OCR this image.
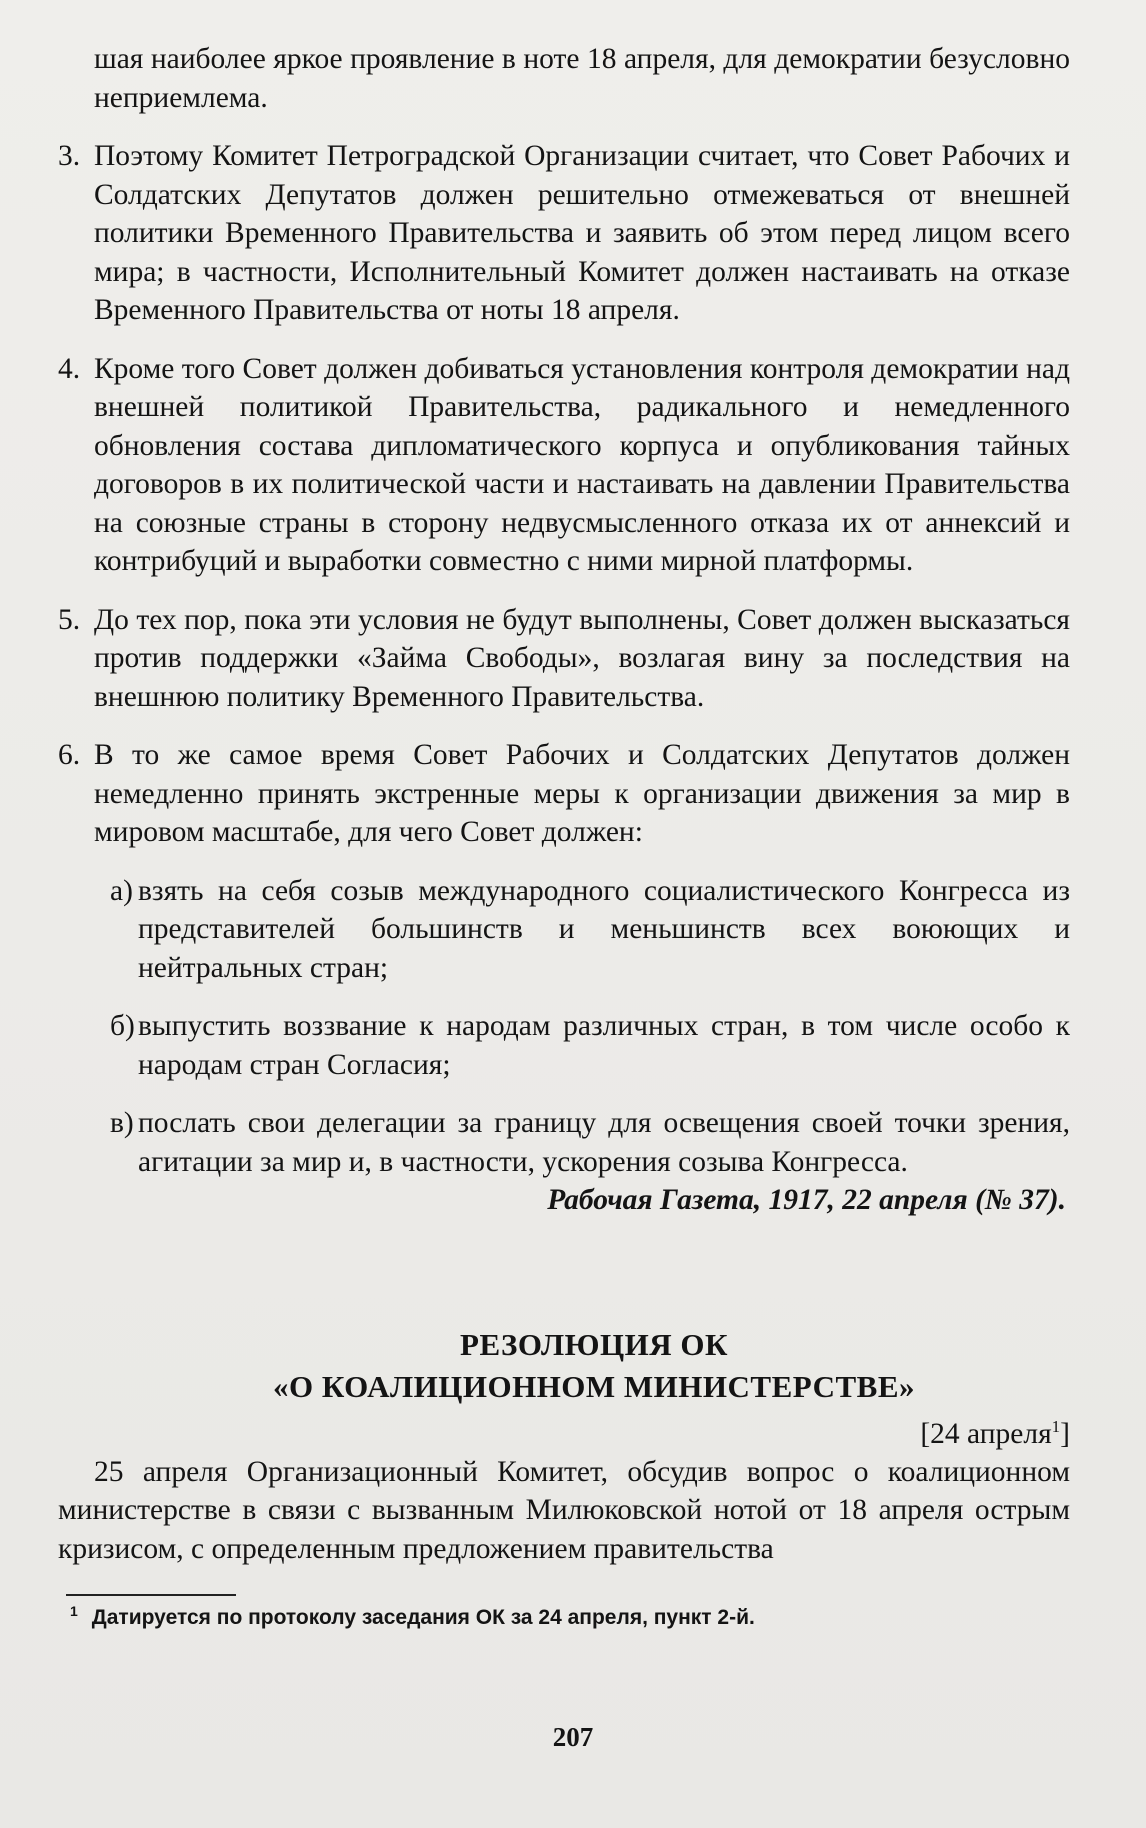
шая наиболее яркое проявление в ноте 18 апреля, для демократии безусловно неприемлема.

3. Поэтому Комитет Петроградской Организации считает, что Совет Рабочих и Солдатских Депутатов должен решительно отмежеваться от внешней политики Временного Правительства и заявить об этом перед лицом всего мира; в частности, Исполнительный Комитет должен настаивать на отказе Временного Правительства от ноты 18 апреля.

4. Кроме того Совет должен добиваться установления контроля демократии над внешней политикой Правительства, радикального и немедленного обновления состава дипломатического корпуса и опубликования тайных договоров в их политической части и настаивать на давлении Правительства на союзные страны в сторону недвусмысленного отказа их от аннексий и контрибуций и выработки совместно с ними мирной платформы.

5. До тех пор, пока эти условия не будут выполнены, Совет должен высказаться против поддержки «Займа Свободы», возлагая вину за последствия на внешнюю политику Временного Правительства.

6. В то же самое время Совет Рабочих и Солдатских Депутатов должен немедленно принять экстренные меры к организации движения за мир в мировом масштабе, для чего Совет должен:

а) взять на себя созыв международного социалистического Конгресса из представителей большинств и меньшинств всех воюющих и нейтральных стран;

б) выпустить воззвание к народам различных стран, в том числе особо к народам стран Согласия;

в) послать свои делегации за границу для освещения своей точки зрения, агитации за мир и, в частности, ускорения созыва Конгресса.

Рабочая Газета, 1917, 22 апреля (№ 37).

РЕЗОЛЮЦИЯ ОК
«О КОАЛИЦИОННОМ МИНИСТЕРСТВЕ»

[24 апреля$^1$]

25 апреля Организационный Комитет, обсудив вопрос о коалиционном министерстве в связи с вызванным Милюковской нотой от 18 апреля острым кризисом, с определенным предложением правительства

$^1$ Датируется по протоколу заседания ОК за 24 апреля, пункт 2-й.

207
